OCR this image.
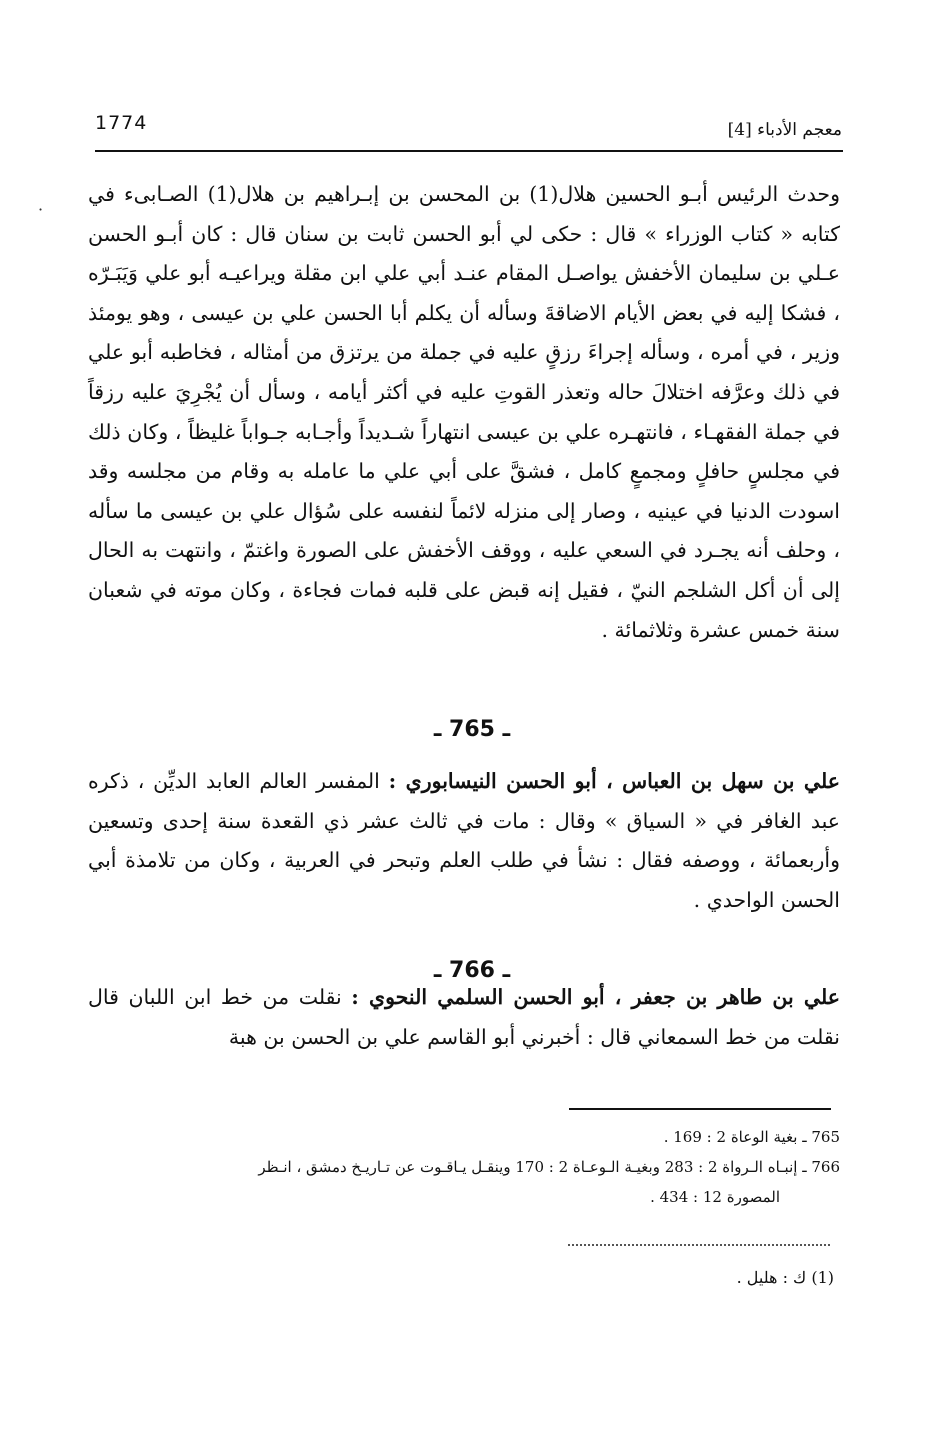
1774	معجم الأدباء [4]
·

وحدث الرئيس أبـو الحسين هلال(1) بن المحسن بن إبـراهيم بن هلال(1) الصـابىء في كتابه « كتاب الوزراء » قال : حكى لي أبو الحسن ثابت بن سنان قال : كان أبـو الحسن عـلي بن سليمان الأخفش يواصـل المقام عنـد أبي علي ابن مقلة ويراعيـه أبو علي وَيَبَـرّه ، فشكا إليه في بعض الأيام الاضاقةَ وسأله أن يكلم أبا الحسن علي بن عيسى ، وهو يومئذ وزير ، في أمره ، وسأله إجراءَ رزقٍ عليه في جملة من يرتزق من أمثاله ، فخاطبه أبو علي في ذلك وعرَّفه اختلالَ حاله وتعذر القوتِ عليه في أكثر أيامه ، وسأل أن يُجْرِيَ عليه رزقاً في جملة الفقهـاء ، فانتهـره علي بن عيسى انتهاراً شـديداً وأجـابه جـواباً غليظاً ، وكان ذلك في مجلسٍ حافلٍ ومجمعٍ كامل ، فشقَّ على أبي علي ما عامله به وقام من مجلسه وقد اسودت الدنيا في عينيه ، وصار إلى منزله لائماً لنفسه على سُؤال علي بن عيسى ما سأله ، وحلف أنه يجـرد في السعي عليه ، ووقف الأخفش على الصورة واغتمّ ، وانتهت به الحال إلى أن أكل الشلجم النيّ ، فقيل إنه قبض على قلبه فمات فجاءة ، وكان موته في شعبان سنة خمس عشرة وثلاثمائة .

ـ 765 ـ

علي بن سهل بن العباس ، أبو الحسن النيسابوري : المفسر العالم العابد الديِّن ، ذكره عبد الغافر في « السياق » وقال : مات في ثالث عشر ذي القعدة سنة إحدى وتسعين وأربعمائة ، ووصفه فقال : نشأ في طلب العلم وتبحر في العربية ، وكان من تلامذة أبي الحسن الواحدي .

ـ 766 ـ

علي بن طاهر بن جعفر ، أبو الحسن السلمي النحوي : نقلت من خط ابن اللبان قال نقلت من خط السمعاني قال : أخبرني أبو القاسم علي بن الحسن بن هبة

765 ـ بغية الوعاة 2 : 169 .

766 ـ إنبـاه الـرواة 2 : 283 وبغيـة الـوعـاة 2 : 170 وينقـل يـاقـوت عن تـاريـخ دمشق ، انـظر

المصورة 12 : 434 .

(1) ك : هليل .
